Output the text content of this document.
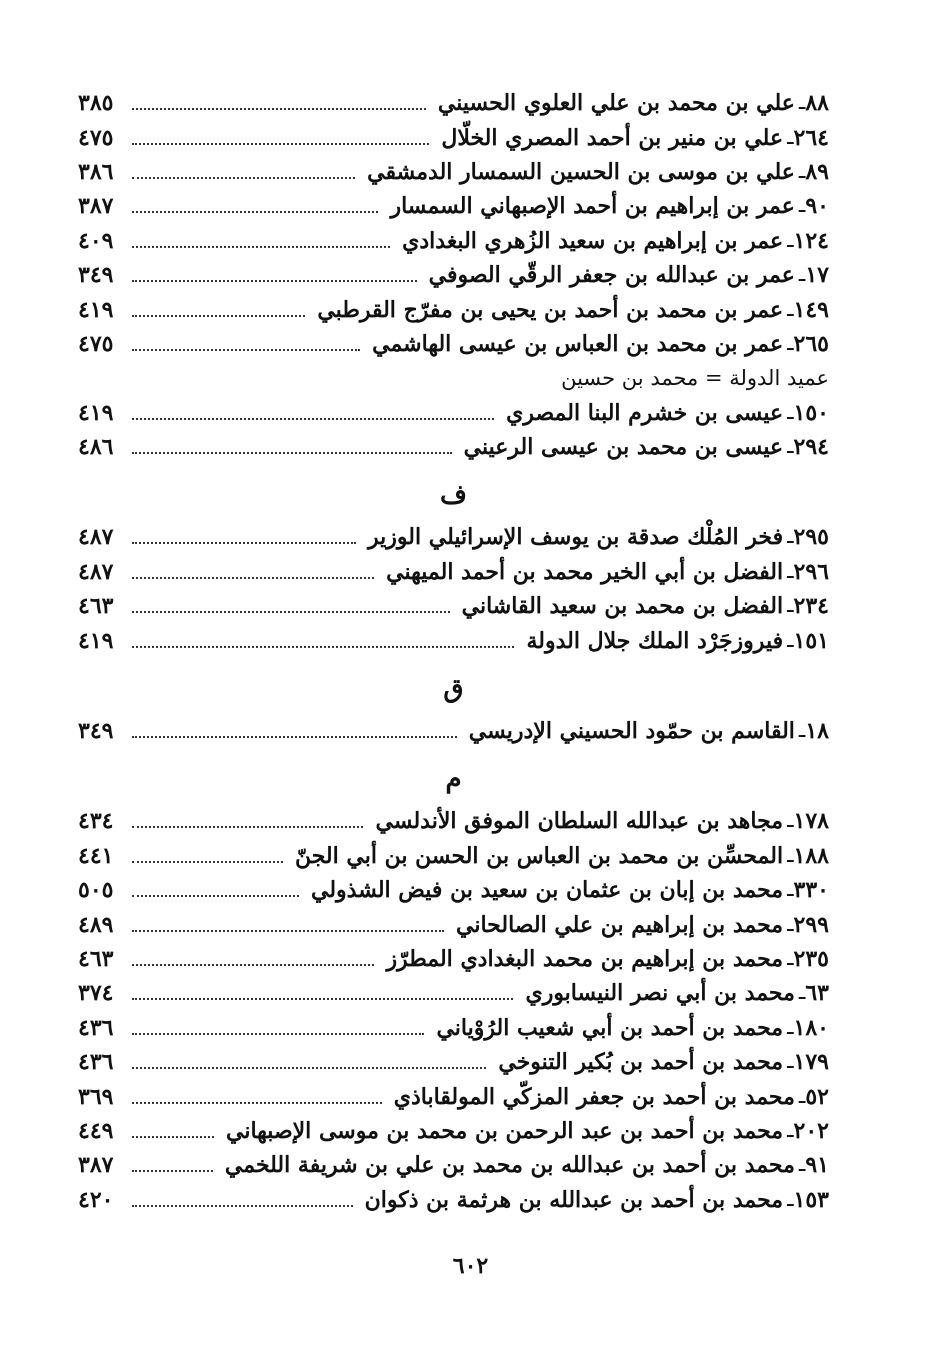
٨٨
ـ
علي بن محمد بن علي العلوي الحسيني
٣٨٥
٢٦٤
ـ
علي بن منير بن أحمد المصري الخلّال
٤٧٥
٨٩
ـ
علي بن موسى بن الحسين السمسار الدمشقي
٣٨٦
٩٠
ـ
عمر بن إبراهيم بن أحمد الإصبهاني السمسار
٣٨٧
١٢٤
ـ
عمر بن إبراهيم بن سعيد الزُهري البغدادي
٤٠٩
١٧
ـ
عمر بن عبدالله بن جعفر الرقّي الصوفي
٣٤٩
١٤٩
ـ
عمر بن محمد بن أحمد بن يحيى بن مفرّج القرطبي
٤١٩
٢٦٥
ـ
عمر بن محمد بن العباس بن عيسى الهاشمي
٤٧٥
عميد الدولة = محمد بن حسين
١٥٠
ـ
عيسى بن خشرم البنا المصري
٤١٩
٢٩٤
ـ
عيسى بن محمد بن عيسى الرعيني
٤٨٦
ف
٢٩٥
ـ
فخر المُلْك صدقة بن يوسف الإسرائيلي الوزير
٤٨٧
٢٩٦
ـ
الفضل بن أبي الخير محمد بن أحمد الميهني
٤٨٧
٢٣٤
ـ
الفضل بن محمد بن سعيد القاشاني
٤٦٣
١٥١
ـ
فيروزجَرْد الملك جلال الدولة
٤١٩
ق
١٨
ـ
القاسم بن حمّود الحسيني الإدريسي
٣٤٩
م
١٧٨
ـ
مجاهد بن عبدالله السلطان الموفق الأندلسي
٤٣٤
١٨٨
ـ
المحسِّن بن محمد بن العباس بن الحسن بن أبي الجنّ
٤٤١
٣٣٠
ـ
محمد بن إبان بن عثمان بن سعيد بن فيض الشذولي
٥٠٥
٢٩٩
ـ
محمد بن إبراهيم بن علي الصالحاني
٤٨٩
٢٣٥
ـ
محمد بن إبراهيم بن محمد البغدادي المطرّز
٤٦٣
٦٣
ـ
محمد بن أبي نصر النيسابوري
٣٧٤
١٨٠
ـ
محمد بن أحمد بن أبي شعيب الرُوْياني
٤٣٦
١٧٩
ـ
محمد بن أحمد بن بُكير التنوخي
٤٣٦
٥٢
ـ
محمد بن أحمد بن جعفر المزكّي المولقاباذي
٣٦٩
٢٠٢
ـ
محمد بن أحمد بن عبد الرحمن بن محمد بن موسى الإصبهاني
٤٤٩
٩١
ـ
محمد بن أحمد بن عبدالله بن محمد بن علي بن شريفة اللخمي
٣٨٧
١٥٣
ـ
محمد بن أحمد بن عبدالله بن هرثمة بن ذكوان
٤٢٠
٦٠٢
